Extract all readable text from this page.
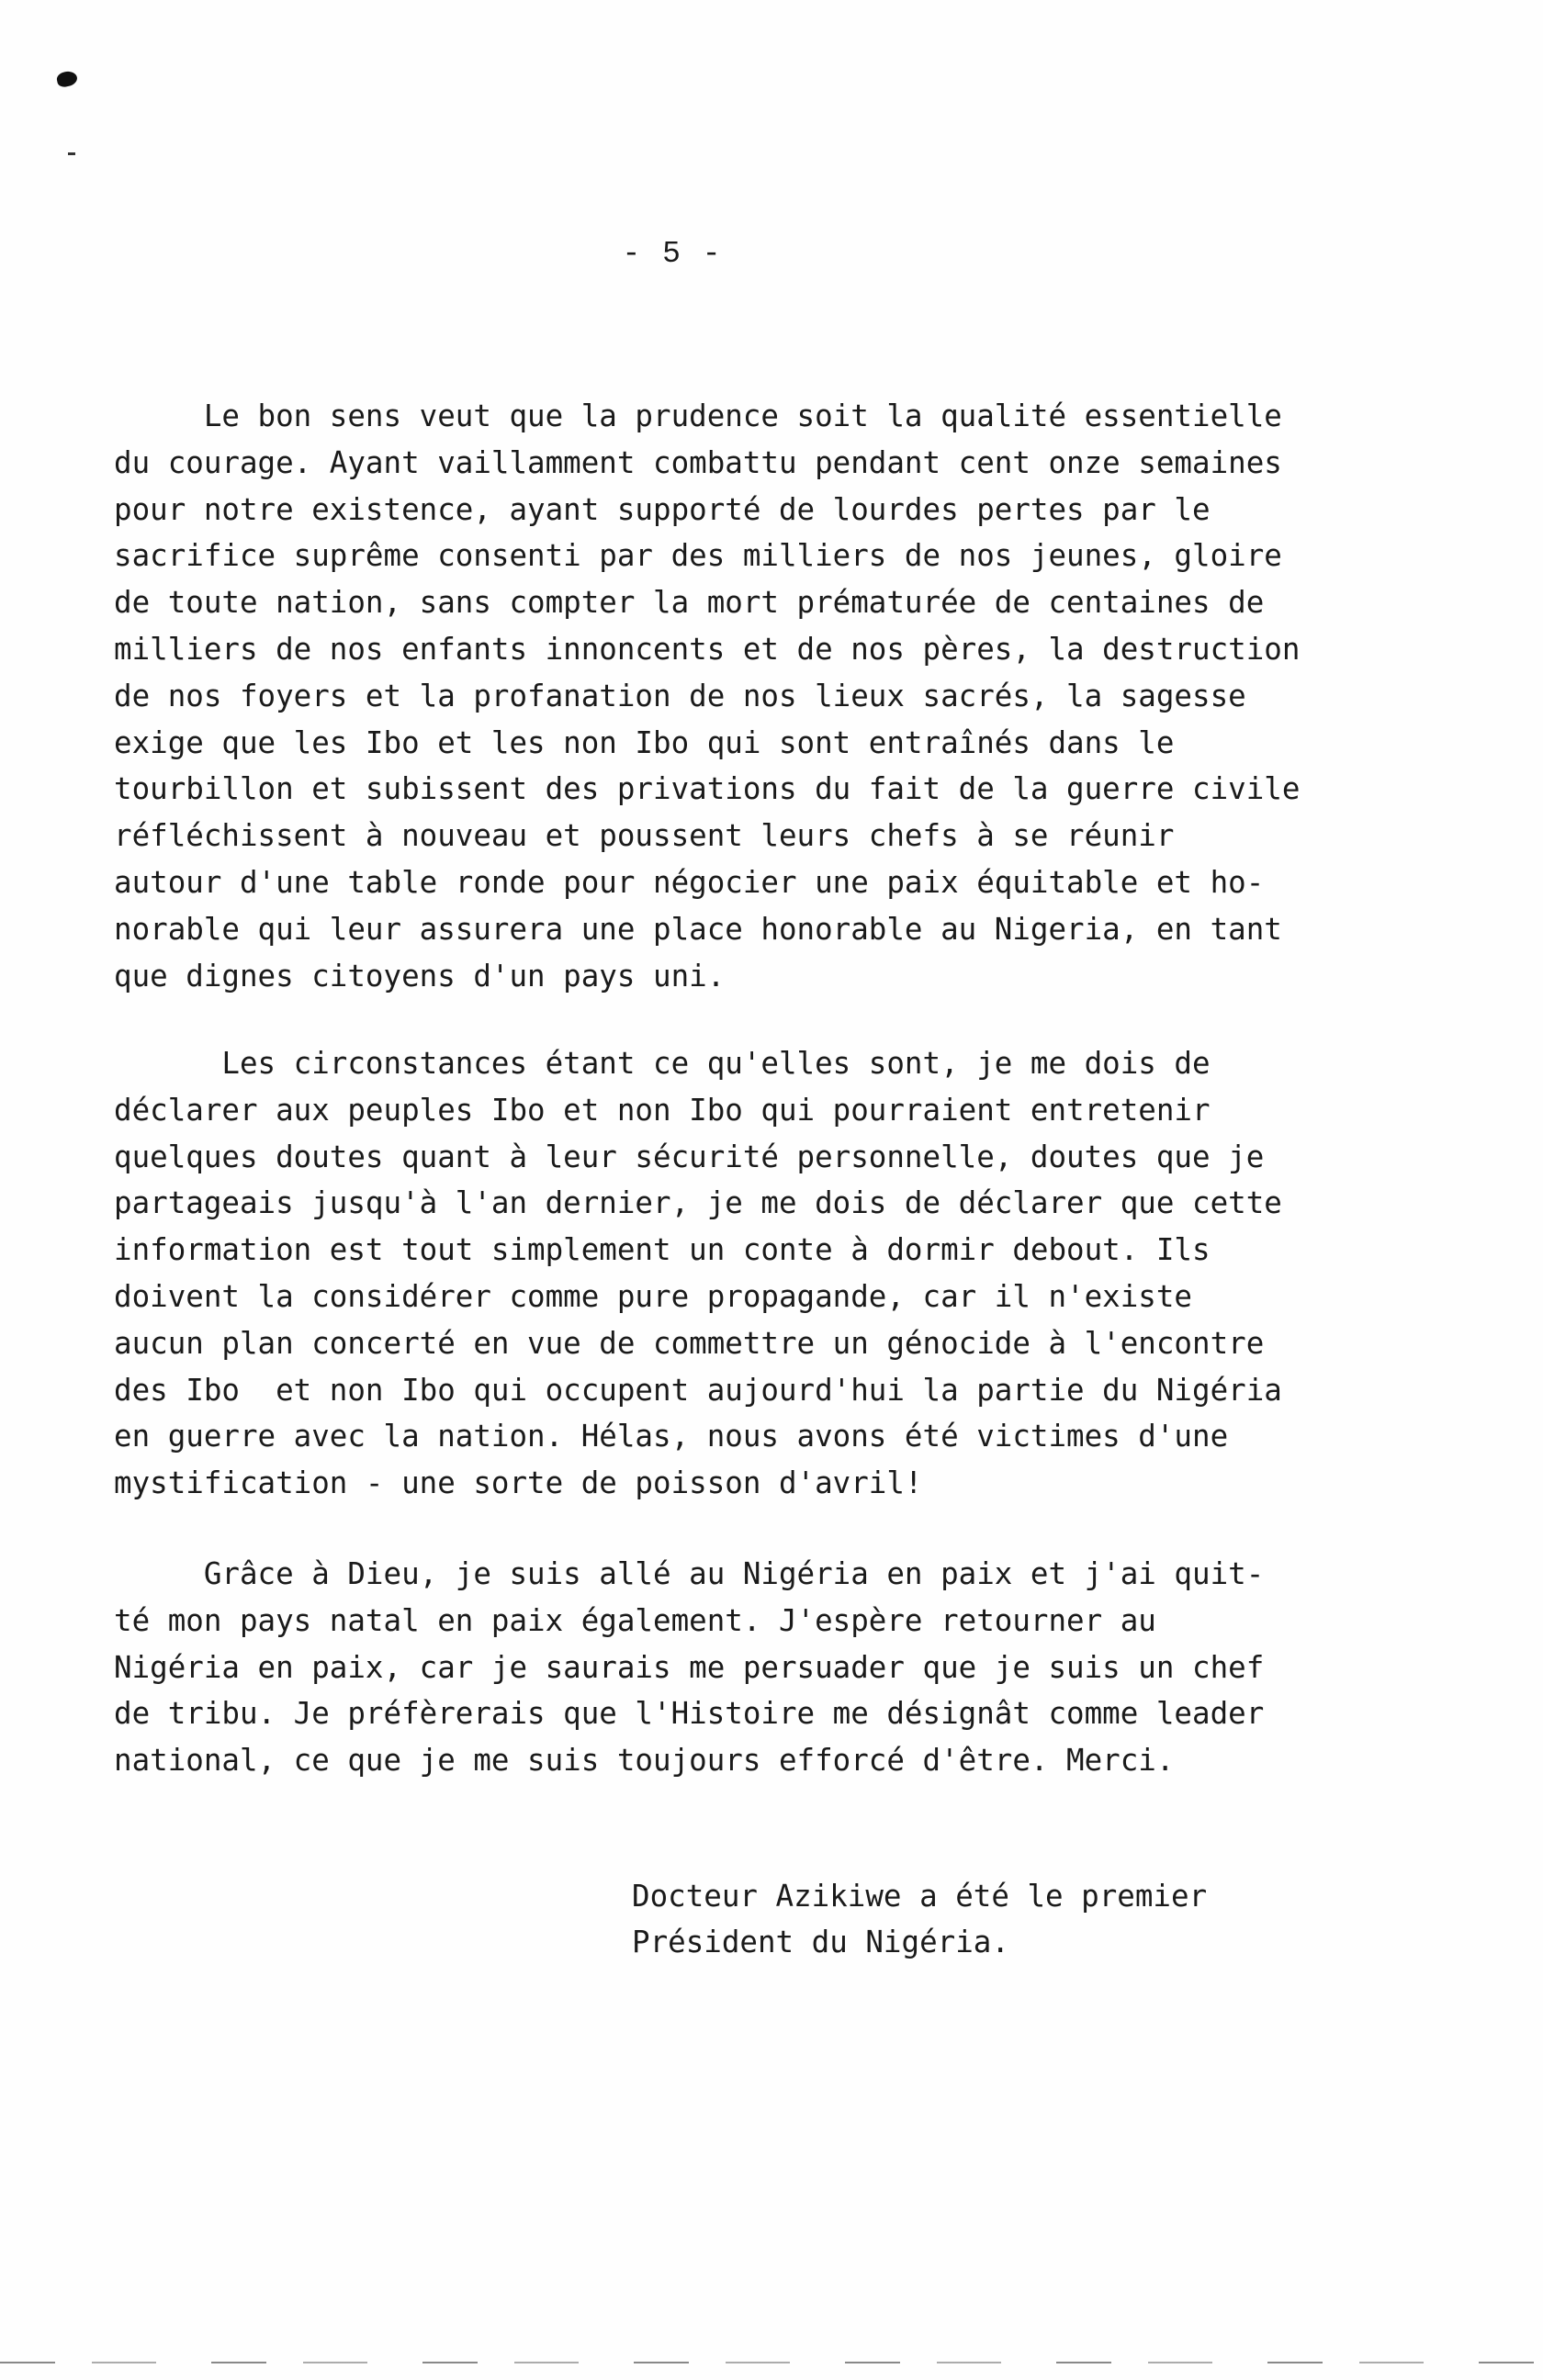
- 5 -
Le bon sens veut que la prudence soit la qualité essentielle
du courage. Ayant vaillamment combattu pendant cent onze semaines
pour notre existence, ayant supporté de lourdes pertes par le
sacrifice suprême consenti par des milliers de nos jeunes, gloire
de toute nation, sans compter la mort prématurée de centaines de
milliers de nos enfants innoncents et de nos pères, la destruction
de nos foyers et la profanation de nos lieux sacrés, la sagesse
exige que les Ibo et les non Ibo qui sont entraînés dans le
tourbillon et subissent des privations du fait de la guerre civile
réfléchissent à nouveau et poussent leurs chefs à se réunir
autour d'une table ronde pour négocier une paix équitable et ho-
norable qui leur assurera une place honorable au Nigeria, en tant
que dignes citoyens d'un pays uni.
Les circonstances étant ce qu'elles sont, je me dois de
déclarer aux peuples Ibo et non Ibo qui pourraient entretenir
quelques doutes quant à leur sécurité personnelle, doutes que je
partageais jusqu'à l'an dernier, je me dois de déclarer que cette
information est tout simplement un conte à dormir debout. Ils
doivent la considérer comme pure propagande, car il n'existe
aucun plan concerté en vue de commettre un génocide à l'encontre
des Ibo  et non Ibo qui occupent aujourd'hui la partie du Nigéria
en guerre avec la nation. Hélas, nous avons été victimes d'une
mystification - une sorte de poisson d'avril!
Grâce à Dieu, je suis allé au Nigéria en paix et j'ai quit-
té mon pays natal en paix également. J'espère retourner au
Nigéria en paix, car je saurais me persuader que je suis un chef
de tribu. Je préfèrerais que l'Histoire me désignât comme leader
national, ce que je me suis toujours efforcé d'être. Merci.
Docteur Azikiwe a été le premier
Président du Nigéria.
